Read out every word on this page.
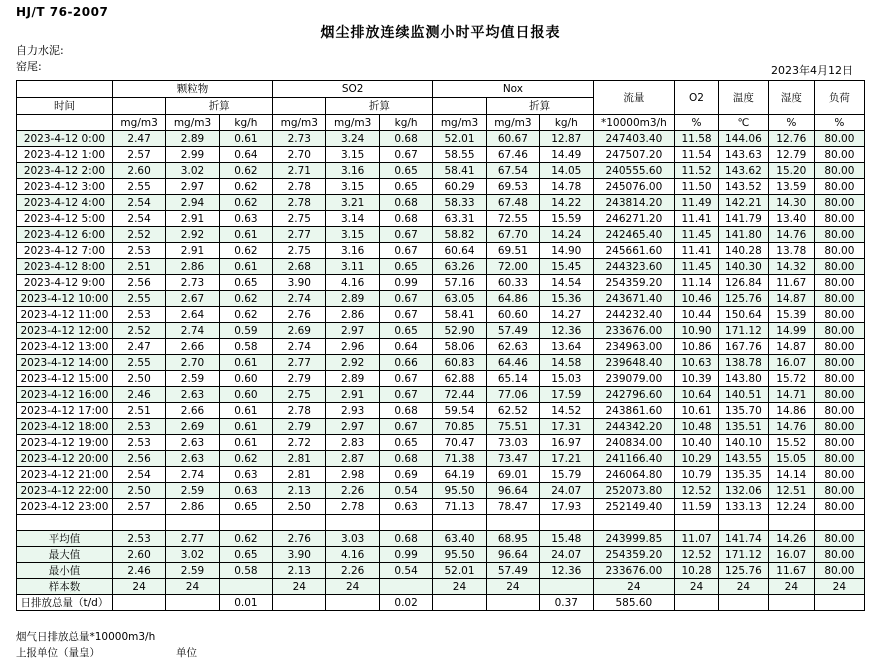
HJ/T 76-2007
烟尘排放连续监测小时平均值日报表
自力水泥:
窑尾:	2023年4月12日
	颗粒物			SO2			Nox			流量	O2	温度	湿度	负荷
时间		折算			折算			折算						
	mg/m3	mg/m3	kg/h	mg/m3	mg/m3	kg/h	mg/m3	mg/m3	kg/h	*10000m3/h	%	℃	%	%
2023-4-12 0:00	2.47	2.89	0.61	2.73	3.24	0.68	52.01	60.67	12.87	247403.40	11.58	144.06	12.76	80.00
2023-4-12 1:00	2.57	2.99	0.64	2.70	3.15	0.67	58.55	67.46	14.49	247507.20	11.54	143.63	12.79	80.00
2023-4-12 2:00	2.60	3.02	0.62	2.71	3.16	0.65	58.41	67.54	14.05	240555.60	11.52	143.62	15.20	80.00
2023-4-12 3:00	2.55	2.97	0.62	2.78	3.15	0.65	60.29	69.53	14.78	245076.00	11.50	143.52	13.59	80.00
2023-4-12 4:00	2.54	2.94	0.62	2.78	3.21	0.68	58.33	67.48	14.22	243814.20	11.49	142.21	14.30	80.00
2023-4-12 5:00	2.54	2.91	0.63	2.75	3.14	0.68	63.31	72.55	15.59	246271.20	11.41	141.79	13.40	80.00
2023-4-12 6:00	2.52	2.92	0.61	2.77	3.15	0.67	58.82	67.70	14.24	242465.40	11.45	141.80	14.76	80.00
2023-4-12 7:00	2.53	2.91	0.62	2.75	3.16	0.67	60.64	69.51	14.90	245661.60	11.41	140.28	13.78	80.00
2023-4-12 8:00	2.51	2.86	0.61	2.68	3.11	0.65	63.26	72.00	15.45	244323.60	11.45	140.30	14.32	80.00
2023-4-12 9:00	2.56	2.73	0.65	3.90	4.16	0.99	57.16	60.33	14.54	254359.20	11.14	126.84	11.67	80.00
2023-4-12 10:00	2.55	2.67	0.62	2.74	2.89	0.67	63.05	64.86	15.36	243671.40	10.46	125.76	14.87	80.00
2023-4-12 11:00	2.53	2.64	0.62	2.76	2.86	0.67	58.41	60.60	14.27	244232.40	10.44	150.64	15.39	80.00
2023-4-12 12:00	2.52	2.74	0.59	2.69	2.97	0.65	52.90	57.49	12.36	233676.00	10.90	171.12	14.99	80.00
2023-4-12 13:00	2.47	2.66	0.58	2.74	2.96	0.64	58.06	62.63	13.64	234963.00	10.86	167.76	14.87	80.00
2023-4-12 14:00	2.55	2.70	0.61	2.77	2.92	0.66	60.83	64.46	14.58	239648.40	10.63	138.78	16.07	80.00
2023-4-12 15:00	2.50	2.59	0.60	2.79	2.89	0.67	62.88	65.14	15.03	239079.00	10.39	143.80	15.72	80.00
2023-4-12 16:00	2.46	2.63	0.60	2.75	2.91	0.67	72.44	77.06	17.59	242796.60	10.64	140.51	14.71	80.00
2023-4-12 17:00	2.51	2.66	0.61	2.78	2.93	0.68	59.54	62.52	14.52	243861.60	10.61	135.70	14.86	80.00
2023-4-12 18:00	2.53	2.69	0.61	2.79	2.97	0.67	70.85	75.51	17.31	244342.20	10.48	135.51	14.76	80.00
2023-4-12 19:00	2.53	2.63	0.61	2.72	2.83	0.65	70.47	73.03	16.97	240834.00	10.40	140.10	15.52	80.00
2023-4-12 20:00	2.56	2.63	0.62	2.81	2.87	0.68	71.38	73.47	17.21	241166.40	10.29	143.55	15.05	80.00
2023-4-12 21:00	2.54	2.74	0.63	2.81	2.98	0.69	64.19	69.01	15.79	246064.80	10.79	135.35	14.14	80.00
2023-4-12 22:00	2.50	2.59	0.63	2.13	2.26	0.54	95.50	96.64	24.07	252073.80	12.52	132.06	12.51	80.00
2023-4-12 23:00	2.57	2.86	0.65	2.50	2.78	0.63	71.13	78.47	17.93	252149.40	11.59	133.13	12.24	80.00

平均值	2.53	2.77	0.62	2.76	3.03	0.68	63.40	68.95	15.48	243999.85	11.07	141.74	14.26	80.00
最大值	2.60	3.02	0.65	3.90	4.16	0.99	95.50	96.64	24.07	254359.20	12.52	171.12	16.07	80.00
最小值	2.46	2.59	0.58	2.13	2.26	0.54	52.01	57.49	12.36	233676.00	10.28	125.76	11.67	80.00
样本数	24	24		24	24		24	24		24	24	24	24	24
日排放总量（t/d）			0.01			0.02			0.37	585.60				
烟气日排放总量*10000m3/h
上报单位（量皇）	单位
